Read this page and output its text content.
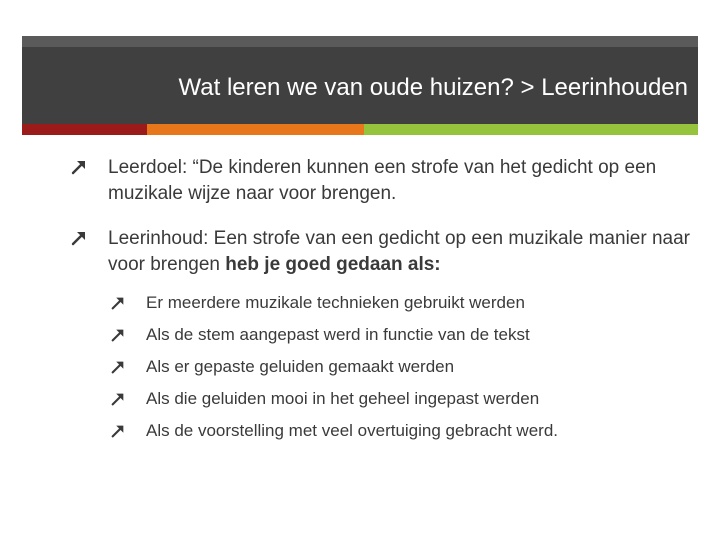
Wat leren we van oude huizen? > Leerinhouden
Leerdoel: “De kinderen kunnen een strofe van het gedicht op een muzikale wijze naar voor brengen.
Leerinhoud: Een strofe van een gedicht op een muzikale manier naar voor brengen heb je goed gedaan als:
Er meerdere muzikale technieken gebruikt werden
Als de stem aangepast werd in functie van de tekst
Als er gepaste geluiden gemaakt werden
Als die geluiden mooi in het geheel ingepast werden
Als de voorstelling met veel overtuiging gebracht werd.
